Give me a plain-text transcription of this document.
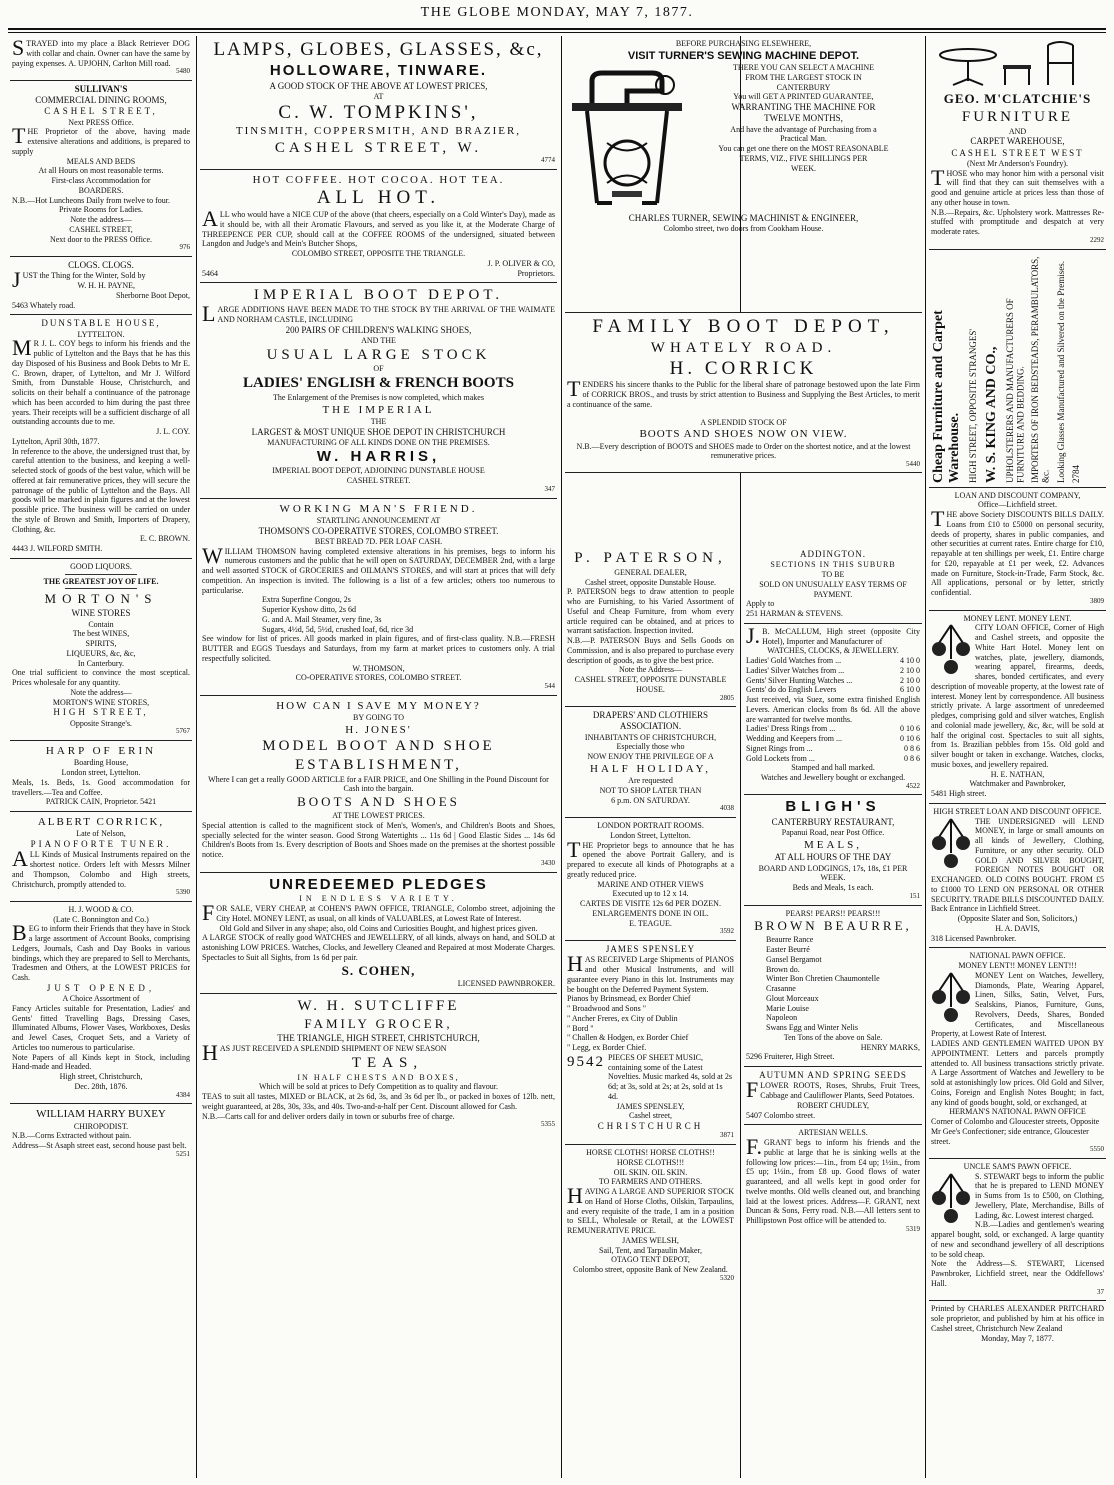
THE GLOBE MONDAY, MAY 7, 1877.

STRAYED into my place a Black Retriever DOG with collar and chain. Owner can have the same by paying expenses. A. UPJOHN, Carlton Mill road.

5480

SULLIVAN'S

COMMERCIAL DINING ROOMS,

CASHEL STREET,

Next PRESS Office.

THE Proprietor of the above, having made extensive alterations and additions, is prepared to supply

MEALS AND BEDS

At all Hours on most reasonable terms.

First-class Accommodation for

BOARDERS.

N.B.—Hot Luncheons Daily from twelve to four.

Private Rooms for Ladies.

Note the address—

CASHEL STREET,

Next door to the PRESS Office.

976

CLOGS. CLOGS.

JUST the Thing for the Winter, Sold by

W. H. H. PAYNE,

Sherborne Boot Depot,

5463 Whately road.

DUNSTABLE HOUSE,

LYTTELTON.

MR J. L. COY begs to inform his friends and the public of Lyttelton and the Bays that he has this day Disposed of his Business and Book Debts to Mr E. C. Brown, draper, of Lyttelton, and Mr J. Wilford Smith, from Dunstable House, Christchurch, and solicits on their behalf a continuance of the patronage which has been accorded to him during the past three years. Their receipts will be a sufficient discharge of all outstanding accounts due to me.

J. L. COY.

Lyttelton, April 30th, 1877.

In reference to the above, the undersigned trust that, by careful attention to the business, and keeping a well-selected stock of goods of the best value, which will be offered at fair remunerative prices, they will secure the patronage of the public of Lyttelton and the Bays. All goods will be marked in plain figures and at the lowest possible price. The business will be carried on under the style of Brown and Smith, Importers of Drapery, Clothing, &c.

E. C. BROWN.

4443 J. WILFORD SMITH.

GOOD LIQUORS.

THE GREATEST JOY OF LIFE.

MORTON'S

WINE STORES

Contain

The best WINES,

SPIRITS,

LIQUEURS, &c, &c,

In Canterbury.

One trial sufficient to convince the most sceptical. Prices wholesale for any quantity.

Note the address—

MORTON'S WINE STORES,

HIGH STREET,

Opposite Strange's.

5767

HARP OF ERIN

Boarding House,

London street, Lyttelton.

Meals, 1s. Beds, 1s. Good accommodation for travellers.—Tea and Coffee.

PATRICK CAIN, Proprietor. 5421

ALBERT CORRICK,

Late of Nelson,

PIANOFORTE TUNER.

ALL Kinds of Musical Instruments repaired on the shortest notice. Orders left with Messrs Milner and Thompson, Colombo and High streets, Christchurch, promptly attended to.

5390

H. J. WOOD & CO.

(Late C. Bonnington and Co.)

BEG to inform their Friends that they have in Stock a large assortment of Account Books, comprising Ledgers, Journals, Cash and Day Books in various bindings, which they are prepared to Sell to Merchants, Tradesmen and Others, at the LOWEST PRICES for Cash.

JUST OPENED,

A Choice Assortment of

Fancy Articles suitable for Presentation, Ladies' and Gents' fitted Travelling Bags, Dressing Cases, Illuminated Albums, Flower Vases, Workboxes, Desks and Jewel Cases, Croquet Sets, and a Variety of Articles too numerous to particularise.

Note Papers of all Kinds kept in Stock, including Hand-made and Headed.

High street, Christchurch,

Dec. 28th, 1876.

4384

WILLIAM HARRY BUXEY

CHIROPODIST.

N.B.—Corns Extracted without pain.

Address—St Asaph street east, second house past belt.

5251

LAMPS, GLOBES, GLASSES, &c,

HOLLOWARE, TINWARE.

A GOOD STOCK OF THE ABOVE AT LOWEST PRICES,

AT

C. W. TOMPKINS',

TINSMITH, COPPERSMITH, AND BRAZIER,

CASHEL STREET, W.

4774

HOT COFFEE. HOT COCOA. HOT TEA.

ALL HOT.

ALL who would have a NICE CUP of the above (that cheers, especially on a Cold Winter's Day), made as it should be, with all their Aromatic Flavours, and served as you like it, at the Moderate Charge of THREEPENCE PER CUP, should call at the COFFEE ROOMS of the undersigned, situated between Langdon and Judge's and Mein's Butcher Shops,

COLOMBO STREET, OPPOSITE THE TRIANGLE.

J. P. OLIVER & CO,

5464	Proprietors.

IMPERIAL BOOT DEPOT.

LARGE ADDITIONS HAVE BEEN MADE TO THE STOCK BY THE ARRIVAL OF THE WAIMATE AND NORHAM CASTLE, INCLUDING

200 PAIRS OF CHILDREN'S WALKING SHOES,

AND THE

USUAL LARGE STOCK

OF

LADIES' ENGLISH & FRENCH BOOTS

The Enlargement of the Premises is now completed, which makes

THE IMPERIAL

THE

LARGEST & MOST UNIQUE SHOE DEPOT IN CHRISTCHURCH

MANUFACTURING OF ALL KINDS DONE ON THE PREMISES.

W. HARRIS,

IMPERIAL BOOT DEPOT, ADJOINING DUNSTABLE HOUSE

CASHEL STREET.

347

WORKING MAN'S FRIEND.

STARTLING ANNOUNCEMENT AT

THOMSON'S CO-OPERATIVE STORES, COLOMBO STREET.

BEST BREAD 7D. PER LOAF CASH.

WILLIAM THOMSON having completed extensive alterations in his premises, begs to inform his numerous customers and the public that he will open on SATURDAY, DECEMBER 2nd, with a large and well assorted STOCK of GROCERIES and OILMAN'S STORES, and will start at prices that will defy competition. An inspection is invited. The following is a list of a few articles; others too numerous to particularise.

Extra Superfine Congou, 2s

Superior Kyshow ditto, 2s 6d

G. and A. Mail Steamer, very fine, 3s

Sugars, 4½d, 5d, 5½d, crushed loaf, 6d, rice 3d

See window for list of prices. All goods marked in plain figures, and of first-class quality. N.B.—FRESH BUTTER and EGGS Tuesdays and Saturdays, from my farm at market prices to customers only. A trial respectfully solicited.

W. THOMSON,

CO-OPERATIVE STORES, COLOMBO STREET.

544

HOW CAN I SAVE MY MONEY?

BY GOING TO

H. JONES'

MODEL BOOT AND SHOE

ESTABLISHMENT,

Where I can get a really GOOD ARTICLE for a FAIR PRICE, and One Shilling in the Pound Discount for Cash into the bargain.

BOOTS AND SHOES

AT THE LOWEST PRICES.

Special attention is called to the magnificent stock of Men's, Women's, and Children's Boots and Shoes, specially selected for the winter season. Good Strong Watertights ... 11s 6d | Good Elastic Sides ... 14s 6d Children's Boots from 1s. Every description of Boots and Shoes made on the premises at the shortest possible notice.

3430

UNREDEEMED PLEDGES

IN ENDLESS VARIETY.

FOR SALE, VERY CHEAP, at COHEN'S PAWN OFFICE, TRIANGLE, Colombo street, adjoining the City Hotel. MONEY LENT, as usual, on all kinds of VALUABLES, at Lowest Rate of Interest.

Old Gold and Silver in any shape; also, old Coins and Curiosities Bought, and highest prices given.

A LARGE STOCK of really good WATCHES and JEWELLERY, of all kinds, always on hand, and SOLD at astonishing LOW PRICES. Watches, Clocks, and Jewellery Cleaned and Repaired at most Moderate Charges. Spectacles to Suit all Sights, from 1s 6d per pair.

S. COHEN,

LICENSED PAWNBROKER.

W. H. SUTCLIFFE

FAMILY GROCER,

THE TRIANGLE, HIGH STREET, CHRISTCHURCH,

HAS JUST RECEIVED A SPLENDID SHIPMENT OF NEW SEASON

TEAS,

IN HALF CHESTS AND BOXES,

Which will be sold at prices to Defy Competition as to quality and flavour.

TEAS to suit all tastes, MIXED or BLACK, at 2s 6d, 3s, and 3s 6d per lb., or packed in boxes of 12lb. nett, weight guaranteed, at 28s, 30s, 33s, and 40s. Two-and-a-half per Cent. Discount allowed for Cash.

N.B.—Carts call for and deliver orders daily in town or suburbs free of charge.

5355

BEFORE PURCHASING ELSEWHERE,

VISIT TURNER'S SEWING MACHINE DEPOT.

THERE YOU CAN SELECT A MACHINE

FROM THE LARGEST STOCK IN

CANTERBURY

You will GET A PRINTED GUARANTEE,

WARRANTING THE MACHINE FOR

TWELVE MONTHS,

And have the advantage of Purchasing from a

Practical Man.

You can get one there on the MOST REASONABLE

TERMS, VIZ., FIVE SHILLINGS PER

WEEK.

CHARLES TURNER, SEWING MACHINIST & ENGINEER,

Colombo street, two doors from Cookham House.

FAMILY BOOT DEPOT,

WHATELY ROAD.

H. CORRICK

TENDERS his sincere thanks to the Public for the liberal share of patronage bestowed upon the late Firm of CORRICK BROS., and trusts by strict attention to Business and Supplying the Best Articles, to merit a continuance of the same.

A SPLENDID STOCK OF

BOOTS AND SHOES NOW ON VIEW.

N.B.—Every description of BOOTS and SHOES made to Order on the shortest notice, and at the lowest remunerative prices.

5440

P. PATERSON,

GENERAL DEALER,

Cashel street, opposite Dunstable House.

P. PATERSON begs to draw attention to people who are Furnishing, to his Varied Assortment of Useful and Cheap Furniture, from whom every article required can be obtained, and at prices to warrant satisfaction. Inspection invited.

N.B.—P. PATERSON Buys and Sells Goods on Commission, and is also prepared to purchase every description of goods, as to give the best price.

Note the Address—

CASHEL STREET, OPPOSITE DUNSTABLE HOUSE.

2805

DRAPERS' AND CLOTHIERS ASSOCIATION.

INHABITANTS OF CHRISTCHURCH,

Especially those who

NOW ENJOY THE PRIVILEGE OF A

HALF HOLIDAY,

Are requested

NOT TO SHOP LATER THAN

6 p.m. ON SATURDAY.

4038

LONDON PORTRAIT ROOMS.

London Street, Lyttelton.

THE Proprietor begs to announce that he has opened the above Portrait Gallery, and is prepared to execute all kinds of Photographs at a greatly reduced price.

MARINE AND OTHER VIEWS

Executed up to 12 x 14.

CARTES DE VISITE 12s 6d PER DOZEN.

ENLARGEMENTS DONE IN OIL.

E. TEAGUE.

3592

JAMES SPENSLEY

HAS RECEIVED Large Shipments of PIANOS and other Musical Instruments, and will guarantee every Piano in this lot. Instruments may be bought on the Deferred Payment System.

Pianos by Brinsmead, ex Border Chief

" Broadwood and Sons "

" Ancher Freres, ex City of Dublin

" Bord "

" Challen & Hodgen, ex Border Chief

" Legg, ex Border Chief.

9542 PIECES OF SHEET MUSIC, containing some of the Latest Novelties. Music marked 4s, sold at 2s 6d; at 3s, sold at 2s; at 2s, sold at 1s 4d.

JAMES SPENSLEY,

Cashel street,

CHRISTCHURCH

3871

HORSE CLOTHS! HORSE CLOTHS!!

HORSE CLOTHS!!!

OIL SKIN. OIL SKIN.

TO FARMERS AND OTHERS.

HAVING A LARGE AND SUPERIOR STOCK on Hand of Horse Cloths, Oilskin, Tarpaulins, and every requisite of the trade, I am in a position to SELL, Wholesale or Retail, at the LOWEST REMUNERATIVE PRICE.

JAMES WELSH,

Sail, Tent, and Tarpaulin Maker,

OTAGO TENT DEPOT,

Colombo street, opposite Bank of New Zealand.

5320

ADDINGTON.

SECTIONS IN THIS SUBURB

TO BE

SOLD ON UNUSUALLY EASY TERMS OF PAYMENT.

Apply to

251 HARMAN & STEVENS.

J.B. McCALLUM, High street (opposite City Hotel), Importer and Manufacturer of

WATCHES, CLOCKS, & JEWELLERY.

Ladies' Gold Watches from ...	4 10 0
Ladies' Silver Watches from ...	2 10 0
Gents' Silver Hunting Watches ...	2 10 0
Gents' do do English Levers	6 10 0

Just received, via Suez, some extra finished English Levers. American clocks from 8s 6d. All the above are warranted for twelve months.

Ladies' Dress Rings from ...	0 10 6
Wedding and Keepers from ...	0 10 6
Signet Rings from ...	0 8 6
Gold Lockets from ...	0 8 6

Stamped and hall marked.

Watches and Jewellery bought or exchanged.

4522

BLIGH'S

CANTERBURY RESTAURANT,

Papanui Road, near Post Office.

MEALS,

AT ALL HOURS OF THE DAY

BOARD AND LODGINGS, 17s, 18s, £1 PER WEEK.

Beds and Meals, 1s each.

151

PEARS! PEARS!! PEARS!!!

BROWN BEAURRE,

Beaurre Rance

Easter Beurré

Gansel Bergamot

Brown do.

Winter Bon Chretien Chaumontelle

Crasanne

Glout Morceaux

Marie Louise

Napoleon

Swans Egg and Winter Nelis

Ten Tons of the above on Sale.

HENRY MARKS,

5296 Fruiterer, High Street.

AUTUMN AND SPRING SEEDS

FLOWER ROOTS, Roses, Shrubs, Fruit Trees, Cabbage and Cauliflower Plants, Seed Potatoes.

ROBERT CHUDLEY,

5407 Colombo street.

ARTESIAN WELLS.

F.GRANT begs to inform his friends and the public at large that he is sinking wells at the following low prices:—1in., from £4 up; 1½in., from £5 up; 1½in., from £8 up. Good flows of water guaranteed, and all wells kept in good order for twelve months. Old wells cleaned out, and branching laid at the lowest prices. Address—F. GRANT, next Duncan & Sons, Ferry road. N.B.—All letters sent to Phillipstown Post office will be attended to.

5319

GEO. M'CLATCHIE'S

FURNITURE

AND

CARPET WAREHOUSE,

CASHEL STREET WEST

(Next Mr Anderson's Foundry).

THOSE who may honor him with a personal visit will find that they can suit themselves with a good and genuine article at prices less than those of any other house in town.

N.B.—Repairs, &c. Upholstery work. Mattresses Re-stuffed with promptitude and despatch at very moderate rates.

2292

Cheap Furniture and Carpet Warehouse. HIGH STREET, OPPOSITE STRANGES' W. S. KING AND CO., UPHOLSTERERS AND MANUFACTURERS OF FURNITURE AND BEDDING. IMPORTERS OF IRON BEDSTEADS, PERAMBULATORS, &c. Looking Glasses Manufactured and Silvered on the Premises. 2784

LOAN AND DISCOUNT COMPANY,

Office—Lichfield street.

THE above Society DISCOUNTS BILLS DAILY. Loans from £10 to £5000 on personal security, deeds of property, shares in public companies, and other securities at current rates. Entire charge for £10, repayable at ten shillings per week, £1. Entire charge for £20, repayable at £1 per week, £2. Advances made on Furniture, Stock-in-Trade, Farm Stock, &c. All applications, personal or by letter, strictly confidential.

3809

MONEY LENT. MONEY LENT.

CITY LOAN OFFICE, Corner of High and Cashel streets, and opposite the White Hart Hotel. Money lent on watches, plate, jewellery, diamonds, wearing apparel, firearms, deeds, shares, bonded certificates, and every description of moveable property, at the lowest rate of interest. Money lent by correspondence. All business strictly private. A large assortment of unredeemed pledges, comprising gold and silver watches, English and colonial made jewellery, &c, &c, will be sold at half the original cost. Spectacles to suit all sights, from 1s. Brazilian pebbles from 15s. Old gold and silver bought or taken in exchange. Watches, clocks, music boxes, and jewellery repaired.

H. E. NATHAN,

Watchmaker and Pawnbroker,

5481 High street.

HIGH STREET LOAN AND DISCOUNT OFFICE.

THE UNDERSIGNED will LEND MONEY, in large or small amounts on all kinds of Jewellery, Clothing, Furniture, or any other security. OLD GOLD AND SILVER BOUGHT, FOREIGN NOTES BOUGHT OR EXCHANGED. OLD COINS BOUGHT. FROM £5 to £1000 TO LEND ON PERSONAL OR OTHER SECURITY. TRADE BILLS DISCOUNTED DAILY. Back Entrance in Lichfield Street.

(Opposite Slater and Son, Solicitors,)

H. A. DAVIS,

318 Licensed Pawnbroker.

NATIONAL PAWN OFFICE.

MONEY LENT!! MONEY LENT!!!

MONEY Lent on Watches, Jewellery, Diamonds, Plate, Wearing Apparel, Linen, Silks, Satin, Velvet, Furs, Sealskins, Pianos, Furniture, Guns, Revolvers, Deeds, Shares, Bonded Certificates, and Miscellaneous Property, at Lowest Rate of Interest.

LADIES AND GENTLEMEN WAITED UPON BY APPOINTMENT. Letters and parcels promptly attended to. All business transactions strictly private. A Large Assortment of Watches and Jewellery to be sold at astonishingly low prices. Old Gold and Silver, Coins, Foreign and English Notes Bought; in fact, any kind of goods bought, sold, or exchanged, at

HERMAN'S NATIONAL PAWN OFFICE

Corner of Colombo and Gloucester streets, Opposite Mr Gee's Confectioner; side entrance, Gloucester street.

5550

UNCLE SAM'S PAWN OFFICE.

S. STEWART begs to inform the public that he is prepared to LEND MONEY in Sums from 1s to £500, on Clothing, Jewellery, Plate, Merchandise, Bills of Lading, &c. Lowest interest charged.

N.B.—Ladies and gentlemen's wearing apparel bought, sold, or exchanged. A large quantity of new and secondhand jewellery of all descriptions to be sold cheap.

Note the Address—S. STEWART, Licensed Pawnbroker, Lichfield street, near the Oddfellows' Hall.

37

Printed by CHARLES ALEXANDER PRITCHARD sole proprietor, and published by him at his office in Cashel street, Christchurch New Zealand

Monday, May 7, 1877.
